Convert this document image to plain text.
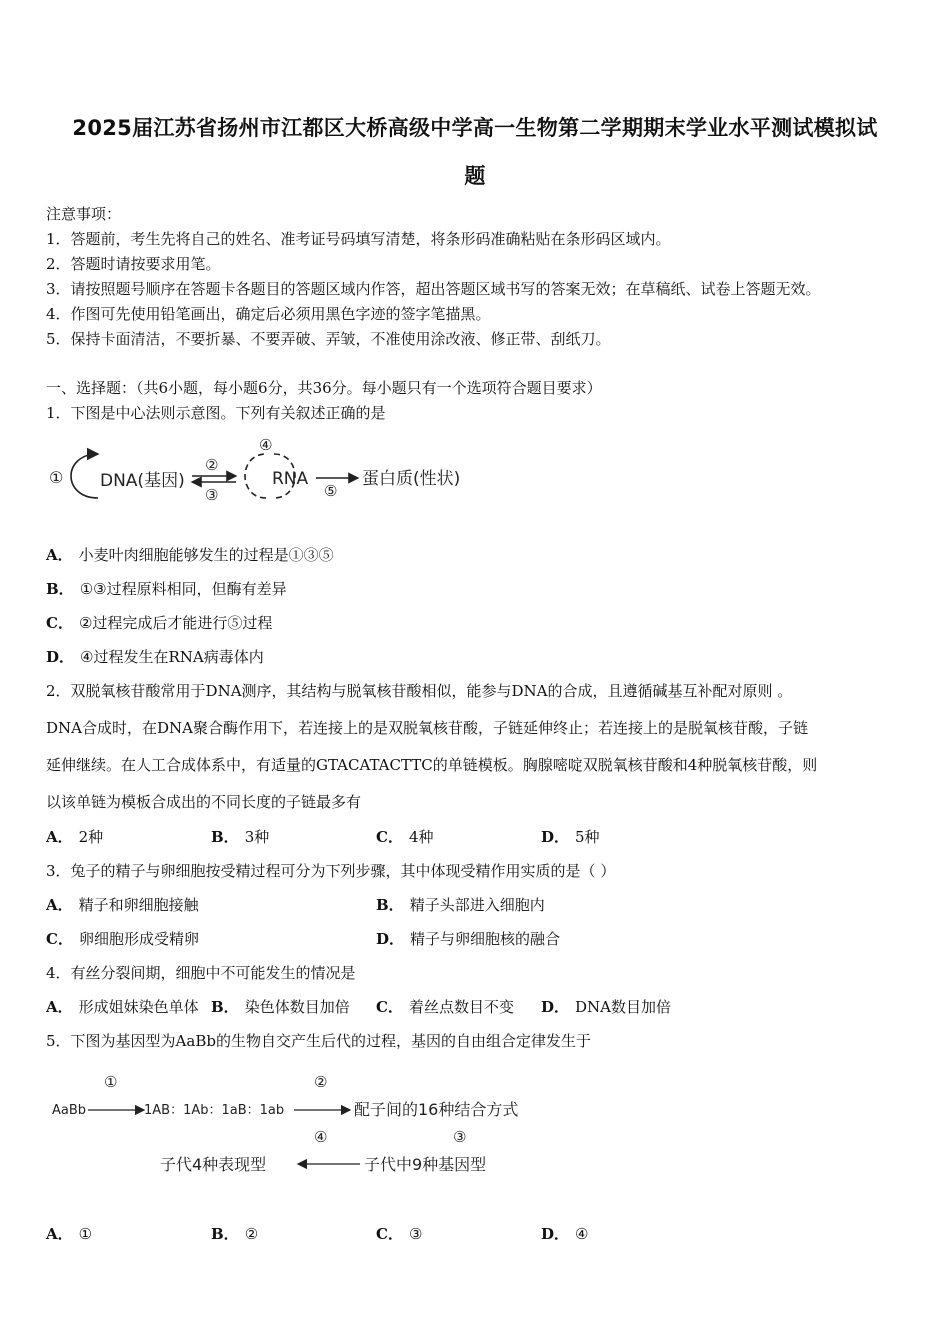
2025届江苏省扬州市江都区大桥高级中学高一生物第二学期期末学业水平测试模拟试
题
注意事项：
1．答题前，考生先将自己的姓名、准考证号码填写清楚，将条形码准确粘贴在条形码区域内。
2．答题时请按要求用笔。
3．请按照题号顺序在答题卡各题目的答题区域内作答，超出答题区域书写的答案无效；在草稿纸、试卷上答题无效。
4．作图可先使用铅笔画出，确定后必须用黑色字迹的签字笔描黑。
5．保持卡面清洁，不要折暴、不要弄破、弄皱，不准使用涂改液、修正带、刮纸刀。
一、选择题：（共6小题，每小题6分，共36分。每小题只有一个选项符合题目要求）
1．下图是中心法则示意图。下列有关叙述正确的是
① DNA(基因)
②
③
④
RNA
⑤
蛋白质(性状)
A． 小麦叶肉细胞能够发生的过程是①③⑤
B． ①③过程原料相同，但酶有差异
C． ②过程完成后才能进行⑤过程
D． ④过程发生在RNA病毒体内
2．双脱氧核苷酸常用于DNA测序，其结构与脱氧核苷酸相似，能参与DNA的合成，且遵循碱基互补配对原则 。
DNA合成时，在DNA聚合酶作用下，若连接上的是双脱氧核苷酸，子链延伸终止；若连接上的是脱氧核苷酸，子链
延伸继续。在人工合成体系中，有适量的GTACATACTTC的单链模板。胸腺嘧啶双脱氧核苷酸和4种脱氧核苷酸，则
以该单链为模板合成出的不同长度的子链最多有
A． 2种	B． 3种	C． 4种	D． 5种
3．兔子的精子与卵细胞按受精过程可分为下列步骤，其中体现受精作用实质的是（ ）
A． 精子和卵细胞接触	B． 精子头部进入细胞内
C． 卵细胞形成受精卵	D． 精子与卵细胞核的融合
4．有丝分裂间期，细胞中不可能发生的情况是
A． 形成姐妹染色单体 B． 染色体数目加倍 C． 着丝点数目不变 D． DNA数目加倍
5．下图为基因型为AaBb的生物自交产生后代的过程，基因的自由组合定律发生于
①	②
AaBb	1AB：1Ab：1aB：1ab	配子间的16种结合方式
④	③
子代4种表现型	子代中9种基因型
A． ①	B． ②	C． ③	D． ④
